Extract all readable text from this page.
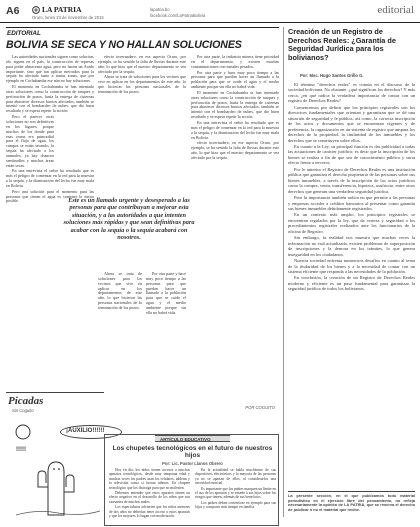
A6	LA PATRIA
Oruro, lunes 23 de noviembre de 2015
lapatria.bo
facebook.com/LaPatriaBolivia	editorial
EDITORIAL
BOLIVIA SE SECA Y NO HALLAN SOLUCIONES

Las autoridades nacionales siguen como solucion, rib, siguen en el país, la construcción de represas para poder almacenar agua, pero no hacen un Arado importante, sino que tan aplicar mercados para la sequía ha afectado tanto a tantas zonas, que por ejemplo en Cochabamba ese aún no hay soluciones.

El momento en Cochabamba se han intentado otras soluciones como la construcción de tanques y perforación de pozos, hasta la entrega de cisternas para abastecer diversos barrios afectados, también se intentó con el bombardeo de nubes, que dio buen resultado y se espera repetir la acción.

Pero el parecer otras soluciones no son definitivas en los lugares, porque muchos de los donde para esas zonas era primordial para el flujo de agua, los campos se están secando, la sequía ha afectado a los animales, ya hay chanceo sembradíos y muchas áreas están secas.

En una entrevista el señor ha resultado que es más el peligro de comenzar en la red para la muestra a la sequía, y la disminución del lecho fue muy mala en Bolivia.

Pero una solución para el momento para las personas que tienen el agua es contener lo mejor posible.	Este es un llamado urgente y desesperado a las personas para que contribuyan a mejorar esta situación, y a las autoridades a que intenten soluciones más rápidas y que sean definitivas para acabar con la sequía o la sequía acabará con nosotros.

efecto invernadero, en ese aspecto Oruro, por ejemplo, se ha sentido la falta de lluvias durante este año, lo que hizo que el nuestro departamento se vea afectado por la sequía.

Ahora se trata de soluciones para los vecinos que vive en aplicar en los departamentos de este año, lo que hicieron las personas nacionales de la terminación de los pozos.

Por otra parte, la industria minera tiene prioridad en el departamento, y existen muchas contaminaciones con metales pesados.

Por otra parte y hace muy poco tiempo a las personas para que puedan hacer un llamado a la población para que se cuide el agua y el medio ambiente porque sin ella no habrá vida.

El momento en Cochabamba se han intentado otras soluciones como la construcción de tanques y perforación de pozos, hasta la entrega de cisternas para abastecer diversos barrios afectados, también se intentó con el bombardeo de nubes, que dio buen resultado y se espera repetir la acción.

En una entrevista el señor ha resultado que es más el peligro de comenzar en la red para la muestra a la sequía, y la disminución del lecho fue muy mala en Bolivia.

efecto invernadero, en ese aspecto Oruro, por ejemplo, se ha sentido la falta de lluvias durante este año, lo que hizo que el nuestro departamento se vea afectado por la sequía.

Por otra parte y hace muy poco tiempo a las personas para que puedan hacer un llamado a la población para que se cuide el agua y el medio ambiente porque sin ella no habrá vida.

Ahora se trata de soluciones para los vecinos que vive en aplicar en los departamentos de este año, lo que hicieron las personas nacionales de la terminación de los pozos.

Picadas
Sin Coguito
!!!!!
POR COGUITO
¡AUXILIO!!!!!!
ARTÍCULO EDUCATIVO
Los chupetes tecnológicos en el futuro de nuestros hijos
Por: Lic. Pastor Llanos Obrero

Hoy en día, los niños tienen accesos a muchos aparatos tecnológicos, desde muy temprana edad y muchas veces los padres usan los celulares, tabletas y la televisión como si fueran niñeras. Un chupete tecnológico que los distraiga para que no molesten.

Debemos entender que estos aparatos tienen un efecto negativo en el desarrollo de los niños que son causantes de muchos males.

Los especialistas advierten que los niños menores de dos años no deberían tener acceso a estos aparatos y que los mayores lo hagan con moderación.

En la actualidad se habla muchísimo de sus dispositivos electrónicos y la mayoría de las personas ya no se apartan de ellos, al considerarlos una necesidad esencial.

Es importante que los padres marquen un límite en el uso de los aparatos y se enseñe a sus hijos sobre los riesgos que tienen, además de sus beneficios.

Los padres deben convertirse en ejemplo para sus hijos y compartir más tiempo en familia.

Creación de un Registro de Derechos Reales: ¿Garantía de Seguridad Jurídica para los bolivianos?
Por: Msc. Hugo Santos Grillo G.

El término "derechos reales" es común en el discurso de la sociedad boliviana. No obstante, ¿qué significan los derechos? Y más cerca, ¿en qué radica la verdadera importancia de contar con un registro de Derechos Reales?

Comencemos por definir que los principios registrales son los directrices fundamentales que orientan y garantizan que se dé una situación de seguridad y fe pública, así como, la correcta inscripción de los actos y documentos que se encuentran vigentes y de preferencia, la organización en un sistema de registro que ampara los derechos de la propiedad, la titularidad de los inmuebles y los derechos que se constituyen sobre ellos.

En cuanto a la Ley, su principal función es dar publicidad a todas las actuaciones de carácter jurídico; es decir que la inscripción de los bienes se realiza a fin de que sea de conocimiento público y surta efecto frente a terceros.

Por lo anterior el Registro de Derechos Reales es una institución pública que garantiza el derecho propietario de las personas sobre sus bienes inmuebles, a través de la inscripción de los actos jurídicos como la compra, venta, transferencia, hipoteca, usufructo, entre otros derechos que generan una verdadera seguridad jurídica.

Pero la importancia también radica en que permite a las personas y empresas acceder a créditos bancarios al presentar como garantía sus bienes inmuebles debidamente registrados.

En un contexto más amplio, los principios registrales se encuentran regulados por la ley, que da certeza y seguridad a los procedimientos registrales realizados ante los funcionarios de la oficina de Registro.

Sin embargo, la realidad nos muestra que muchas veces la información no está actualizada, existen problemas de superposición de inscripciones y la demora en los trámites, lo que genera inseguridad en los ciudadanos.

Nuestra sociedad enfrenta numerosos desafíos en cuanto al tema de la titularidad de los bienes y a la necesidad de contar con un sistema eficiente que responda a las necesidades de la población.

En conclusión, la creación de un Registro de Derechos Reales moderno y eficiente es un paso fundamental para garantizar la seguridad jurídica de todos los bolivianos.

La presente sección, en el que publicamos todo material periodístico en el ejercicio libre del pensamiento, no refleja necesariamente la opinión de LA PATRIA, que se reserva el derecho de publicar o no el material que recibe.
